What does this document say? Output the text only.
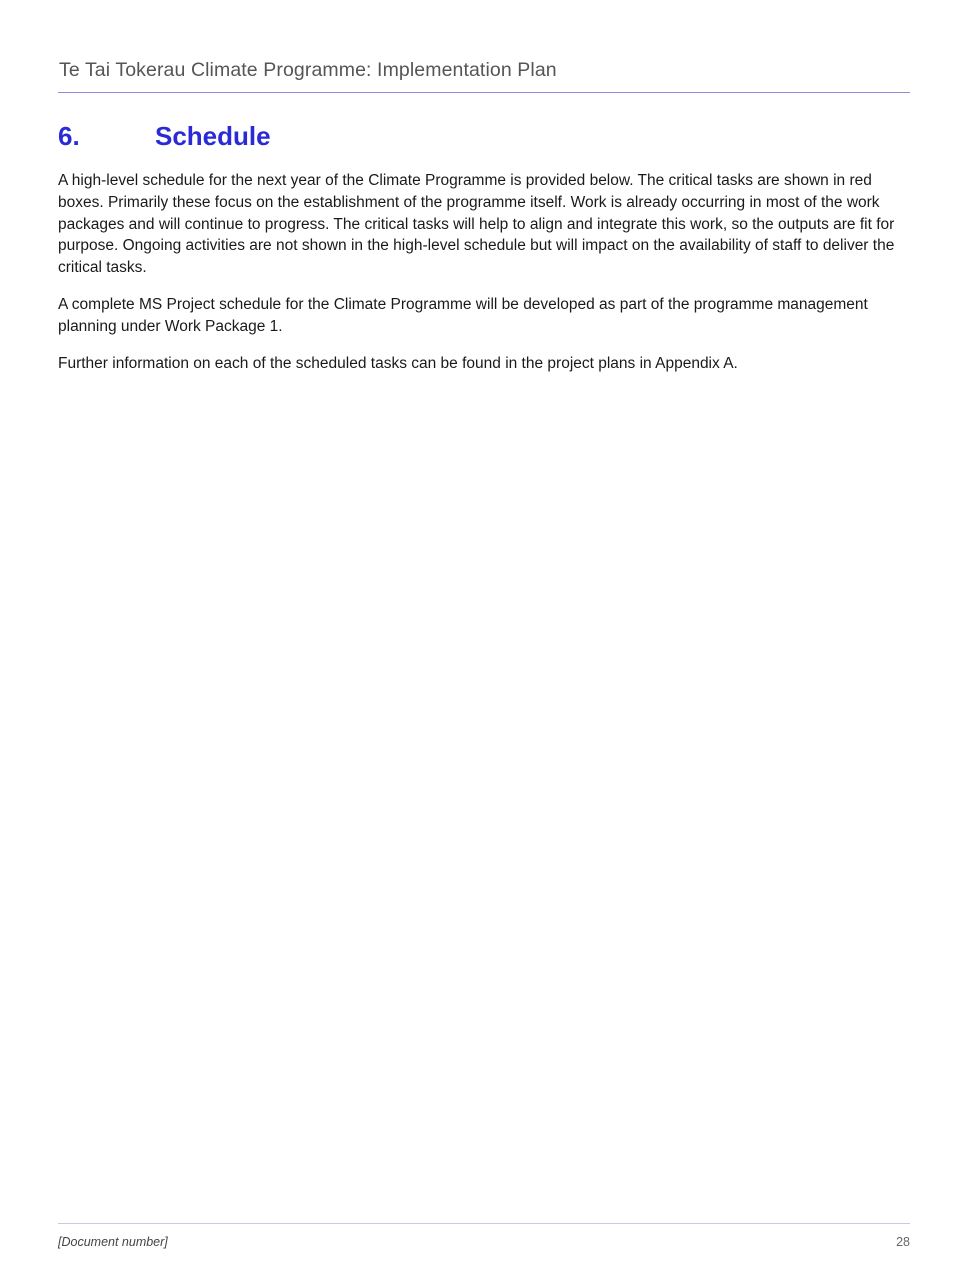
Te Tai Tokerau Climate Programme: Implementation Plan
6.	Schedule

A high-level schedule for the next year of the Climate Programme is provided below. The critical tasks are shown in red boxes. Primarily these focus on the establishment of the programme itself. Work is already occurring in most of the work packages and will continue to progress. The critical tasks will help to align and integrate this work, so the outputs are fit for purpose. Ongoing activities are not shown in the high-level schedule but will impact on the availability of staff to deliver the critical tasks.

A complete MS Project schedule for the Climate Programme will be developed as part of the programme management planning under Work Package 1.

Further information on each of the scheduled tasks can be found in the project plans in Appendix A.

[Document number]	28
